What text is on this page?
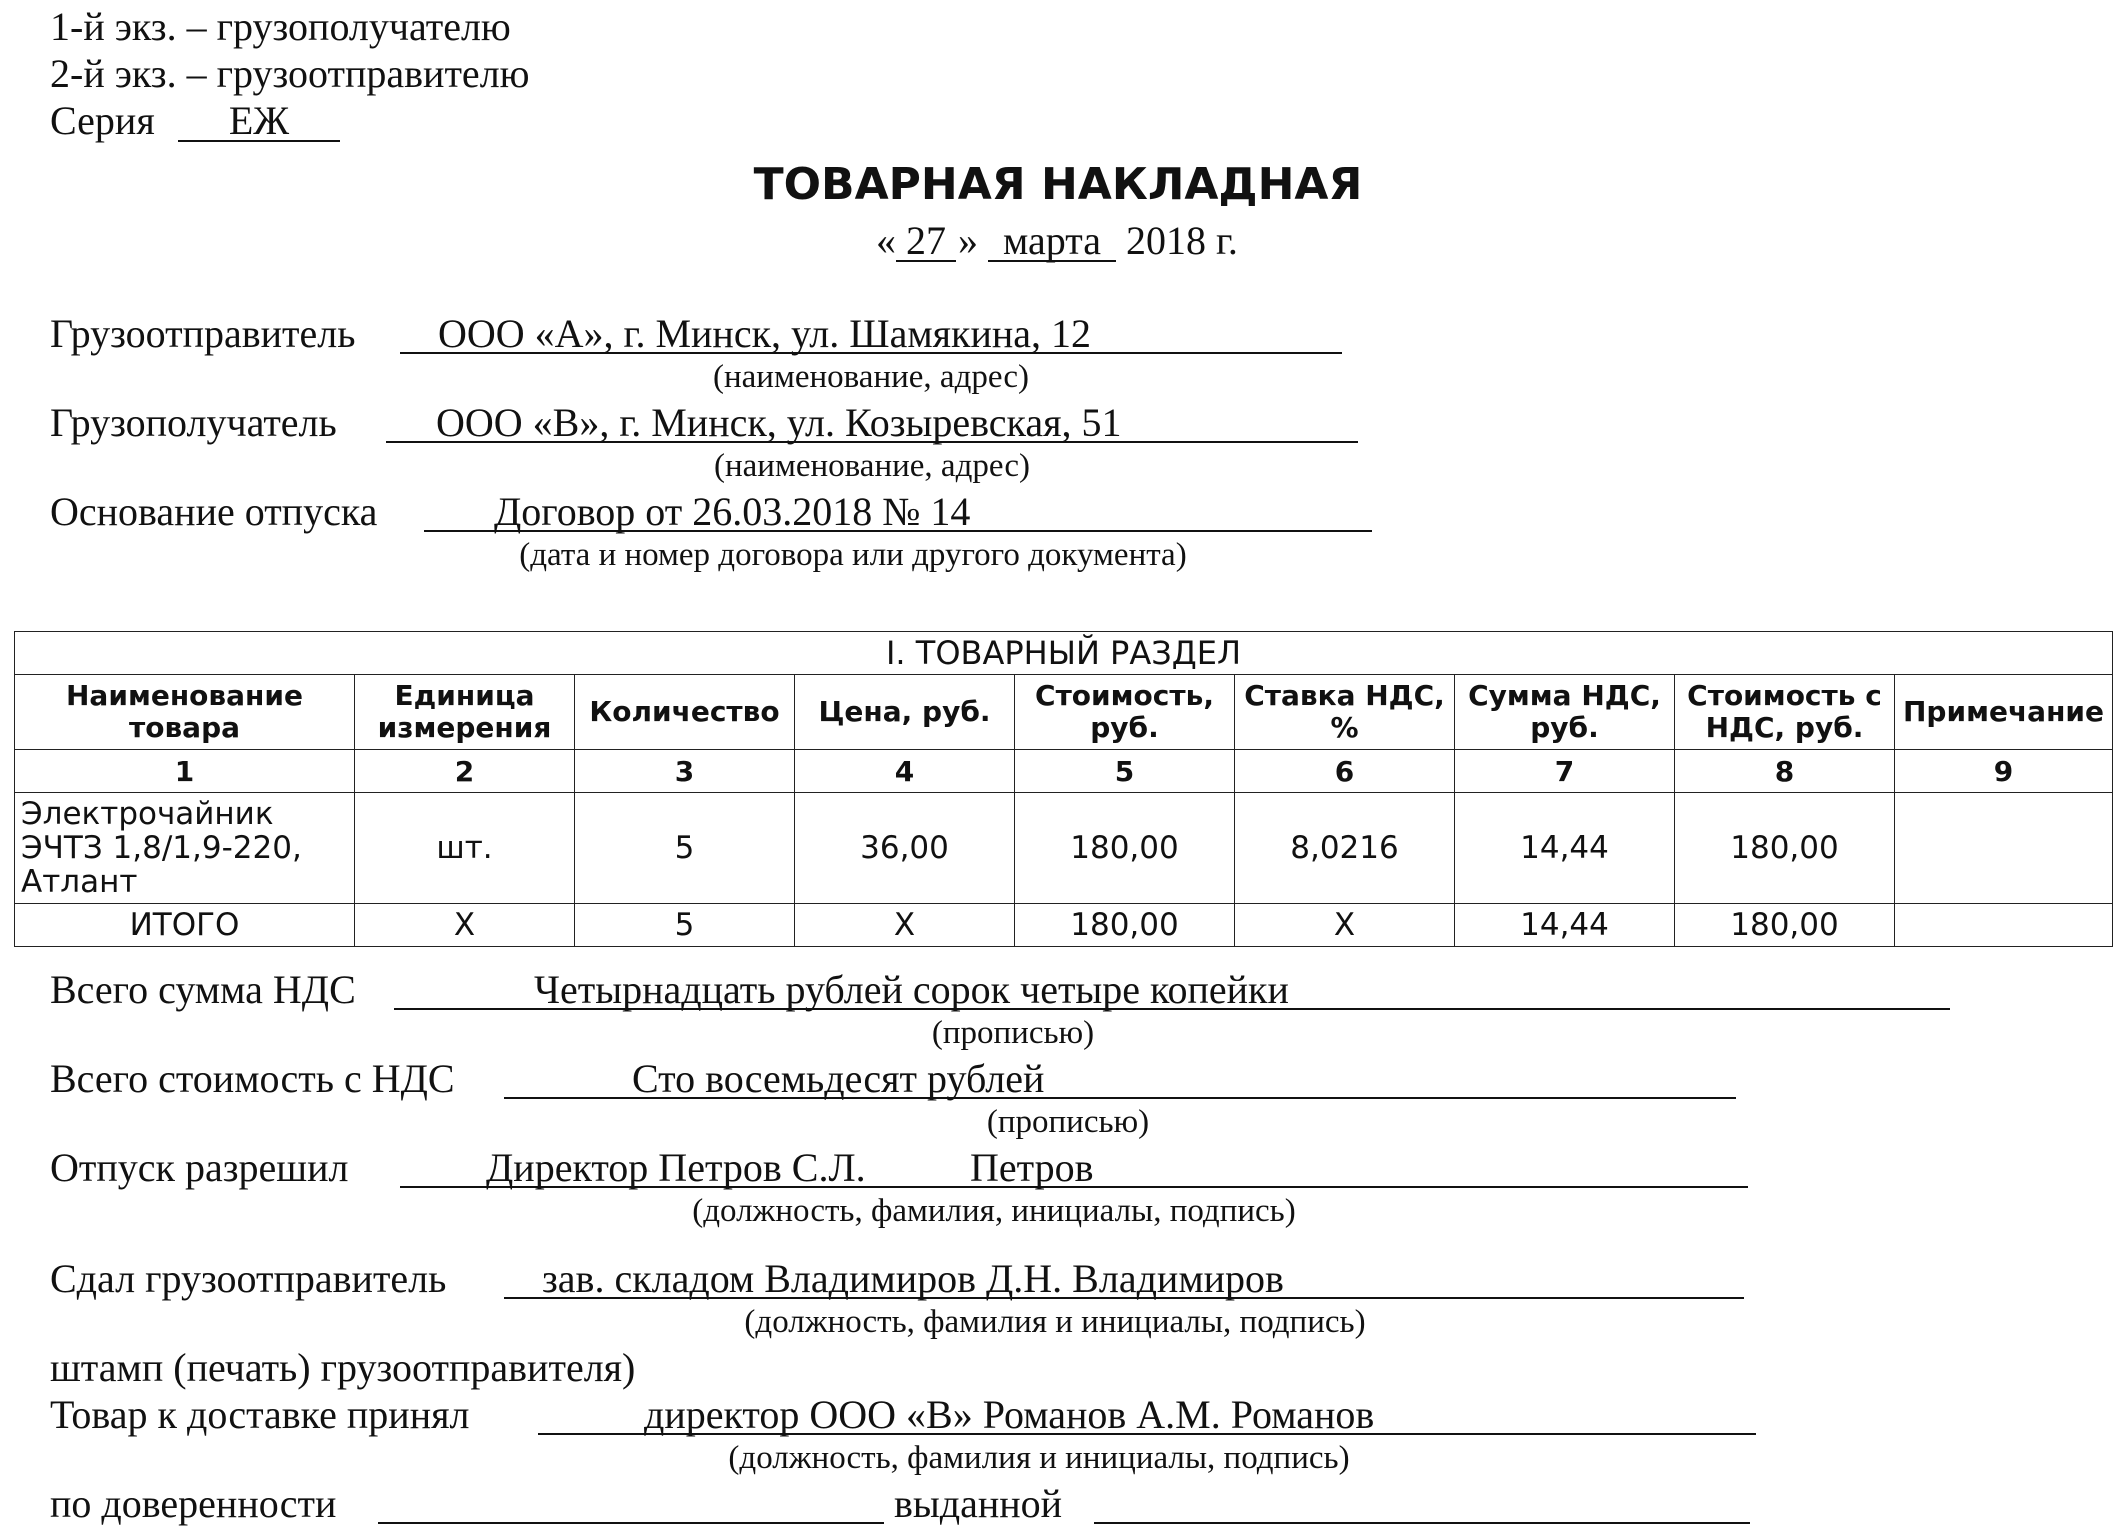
1-й экз. – грузополучателю
2-й экз. – грузоотправителю
Серия	ЕЖ
ТОВАРНАЯ НАКЛАДНАЯ
« 27 » марта 2018 г.
Грузоотправитель ООО «А», г. Минск, ул. Шамякина, 12
(наименование, адрес)
Грузополучатель ООО «В», г. Минск, ул. Козыревская, 51
(наименование, адрес)
Основание отпуска	Договор от 26.03.2018 № 14
(дата и номер договора или другого документа)
I. ТОВАРНЫЙ РАЗДЕЛ								
Наименование товара	Единица измерения	Количество	Цена, руб.	Стоимость, руб.	Ставка НДС, %	Сумма НДС, руб.	Стоимость с НДС, руб.	Примечание
1	2	3	4	5	6	7	8	9
Электрочайник
ЭЧТЗ 1,8/1,9-220,
Атлант	шт.	5	36,00	180,00	8,0216	14,44	180,00	
ИТОГО	Х	5	Х	180,00	Х	14,44	180,00	
Всего сумма НДС	Четырнадцать рублей сорок четыре копейки
(прописью)
Всего стоимость с НДС	Сто восемьдесят рублей
(прописью)
Отпуск разрешил	Директор Петров С.Л.	Петров
(должность, фамилия, инициалы, подпись)
Сдал грузоотправитель зав. складом Владимиров Д.Н. Владимиров
(должность, фамилия и инициалы, подпись)
штамп (печать) грузоотправителя)
Товар к доставке принял	директор ООО «В» Романов А.М. Романов
(должность, фамилия и инициалы, подпись)
по доверенности	выданной
